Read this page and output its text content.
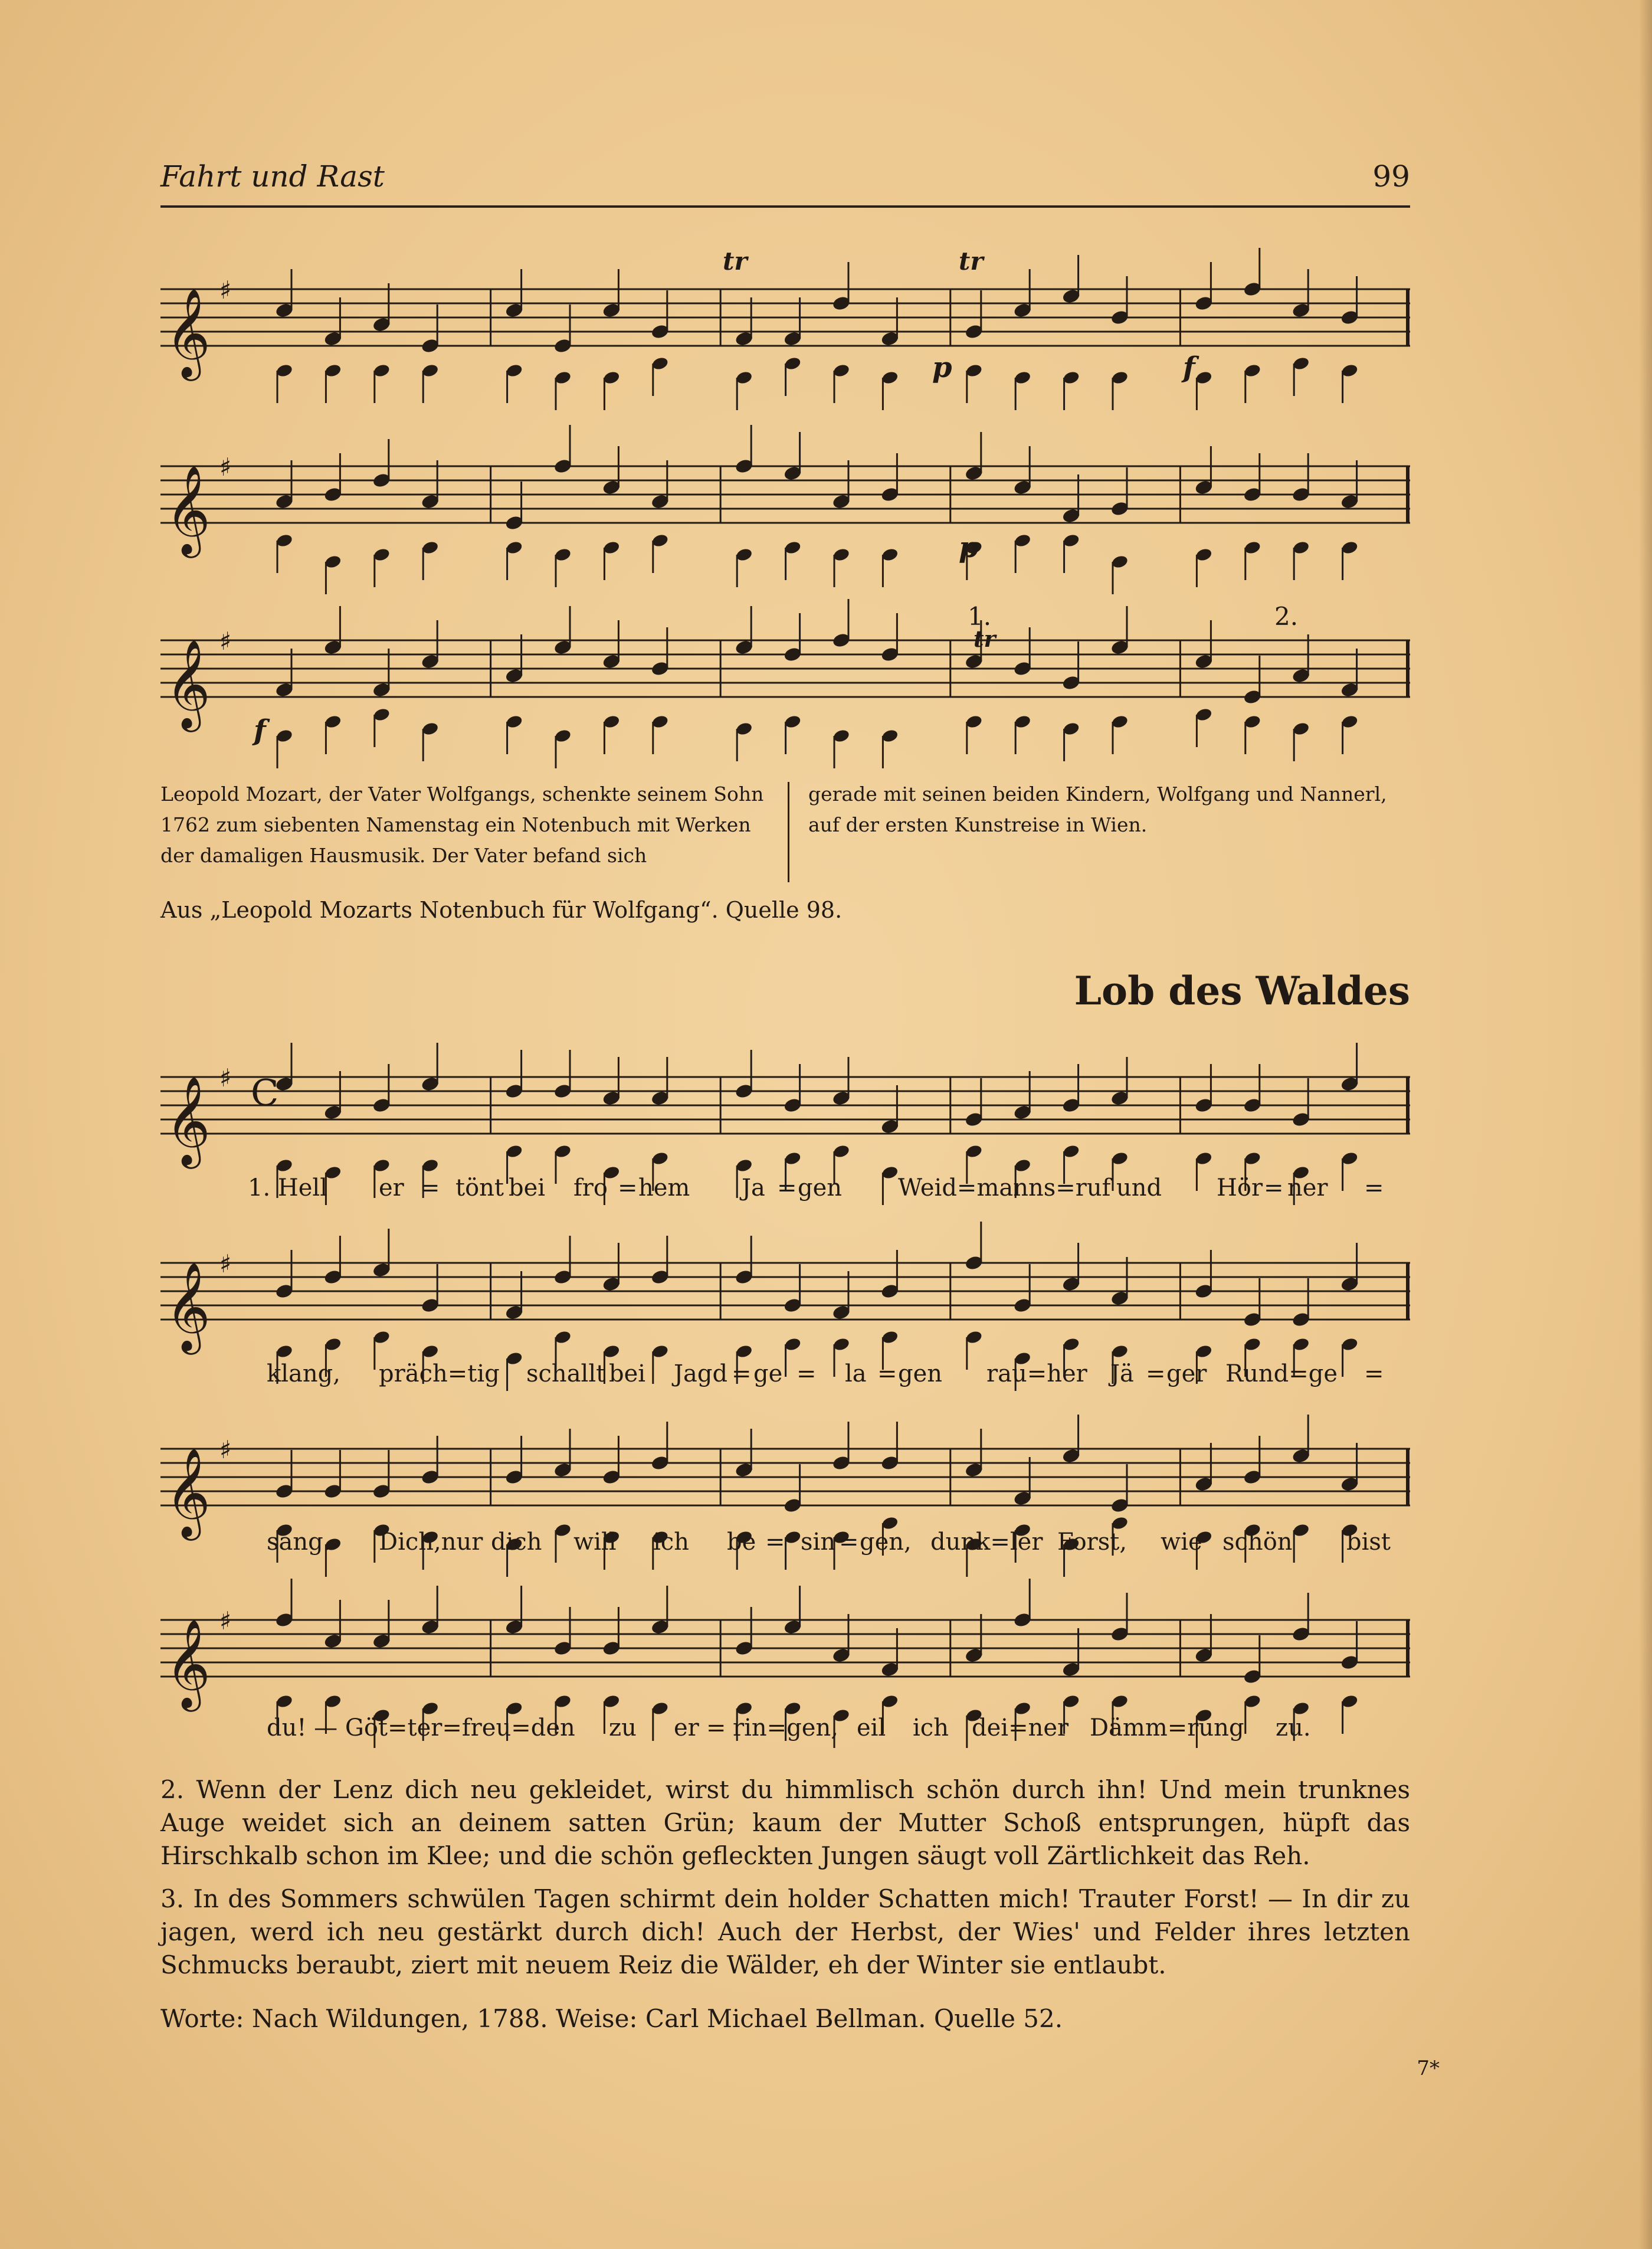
Fahrt und Rast	99
𝄞 ♯
𝄞 ♯
𝄞 ♯
tr	tr
p	f
p
f
1.	2.
tr
Leopold Mozart, der Vater Wolfgangs, schenkte seinem Sohn 1762 zum siebenten Namenstag ein Notenbuch mit Werken der damaligen Hausmusik. Der Vater befand sich
gerade mit seinen beiden Kindern, Wolfgang und Nannerl, auf der ersten Kunstreise in Wien.
Aus „Leopold Mozarts Notenbuch für Wolfgang“. Quelle 98.
Lob des Waldes
𝄞 ♯ C
1. Hell er = tönt bei fro = hem Ja = gen Weid=manns=ruf und Hör = ner =
𝄞 ♯
klang, präch=tig schallt bei Jagd = ge = la = gen rau=her Jä = ger Rund=ge =
𝄞 ♯
sang. Dich,nur dich will ich be = sin = gen, dunk=ler Forst, wie schön bist
𝄞 ♯
du! — Göt=ter=freu=den zu er = rin=gen, eil ich dei=ner Dämm=rung zu.
2. Wenn der Lenz dich neu gekleidet, wirst du himmlisch schön durch ihn! Und mein trunknes Auge weidet sich an deinem satten Grün; kaum der Mutter Schoß entsprungen, hüpft das Hirschkalb schon im Klee; und die schön gefleckten Jungen säugt voll Zärtlichkeit das Reh.
3. In des Sommers schwülen Tagen schirmt dein holder Schatten mich! Trauter Forst! — In dir zu jagen, werd ich neu gestärkt durch dich! Auch der Herbst, der Wies' und Felder ihres letzten Schmucks beraubt, ziert mit neuem Reiz die Wälder, eh der Winter sie entlaubt.
Worte: Nach Wildungen, 1788. Weise: Carl Michael Bellman. Quelle 52.
7*
